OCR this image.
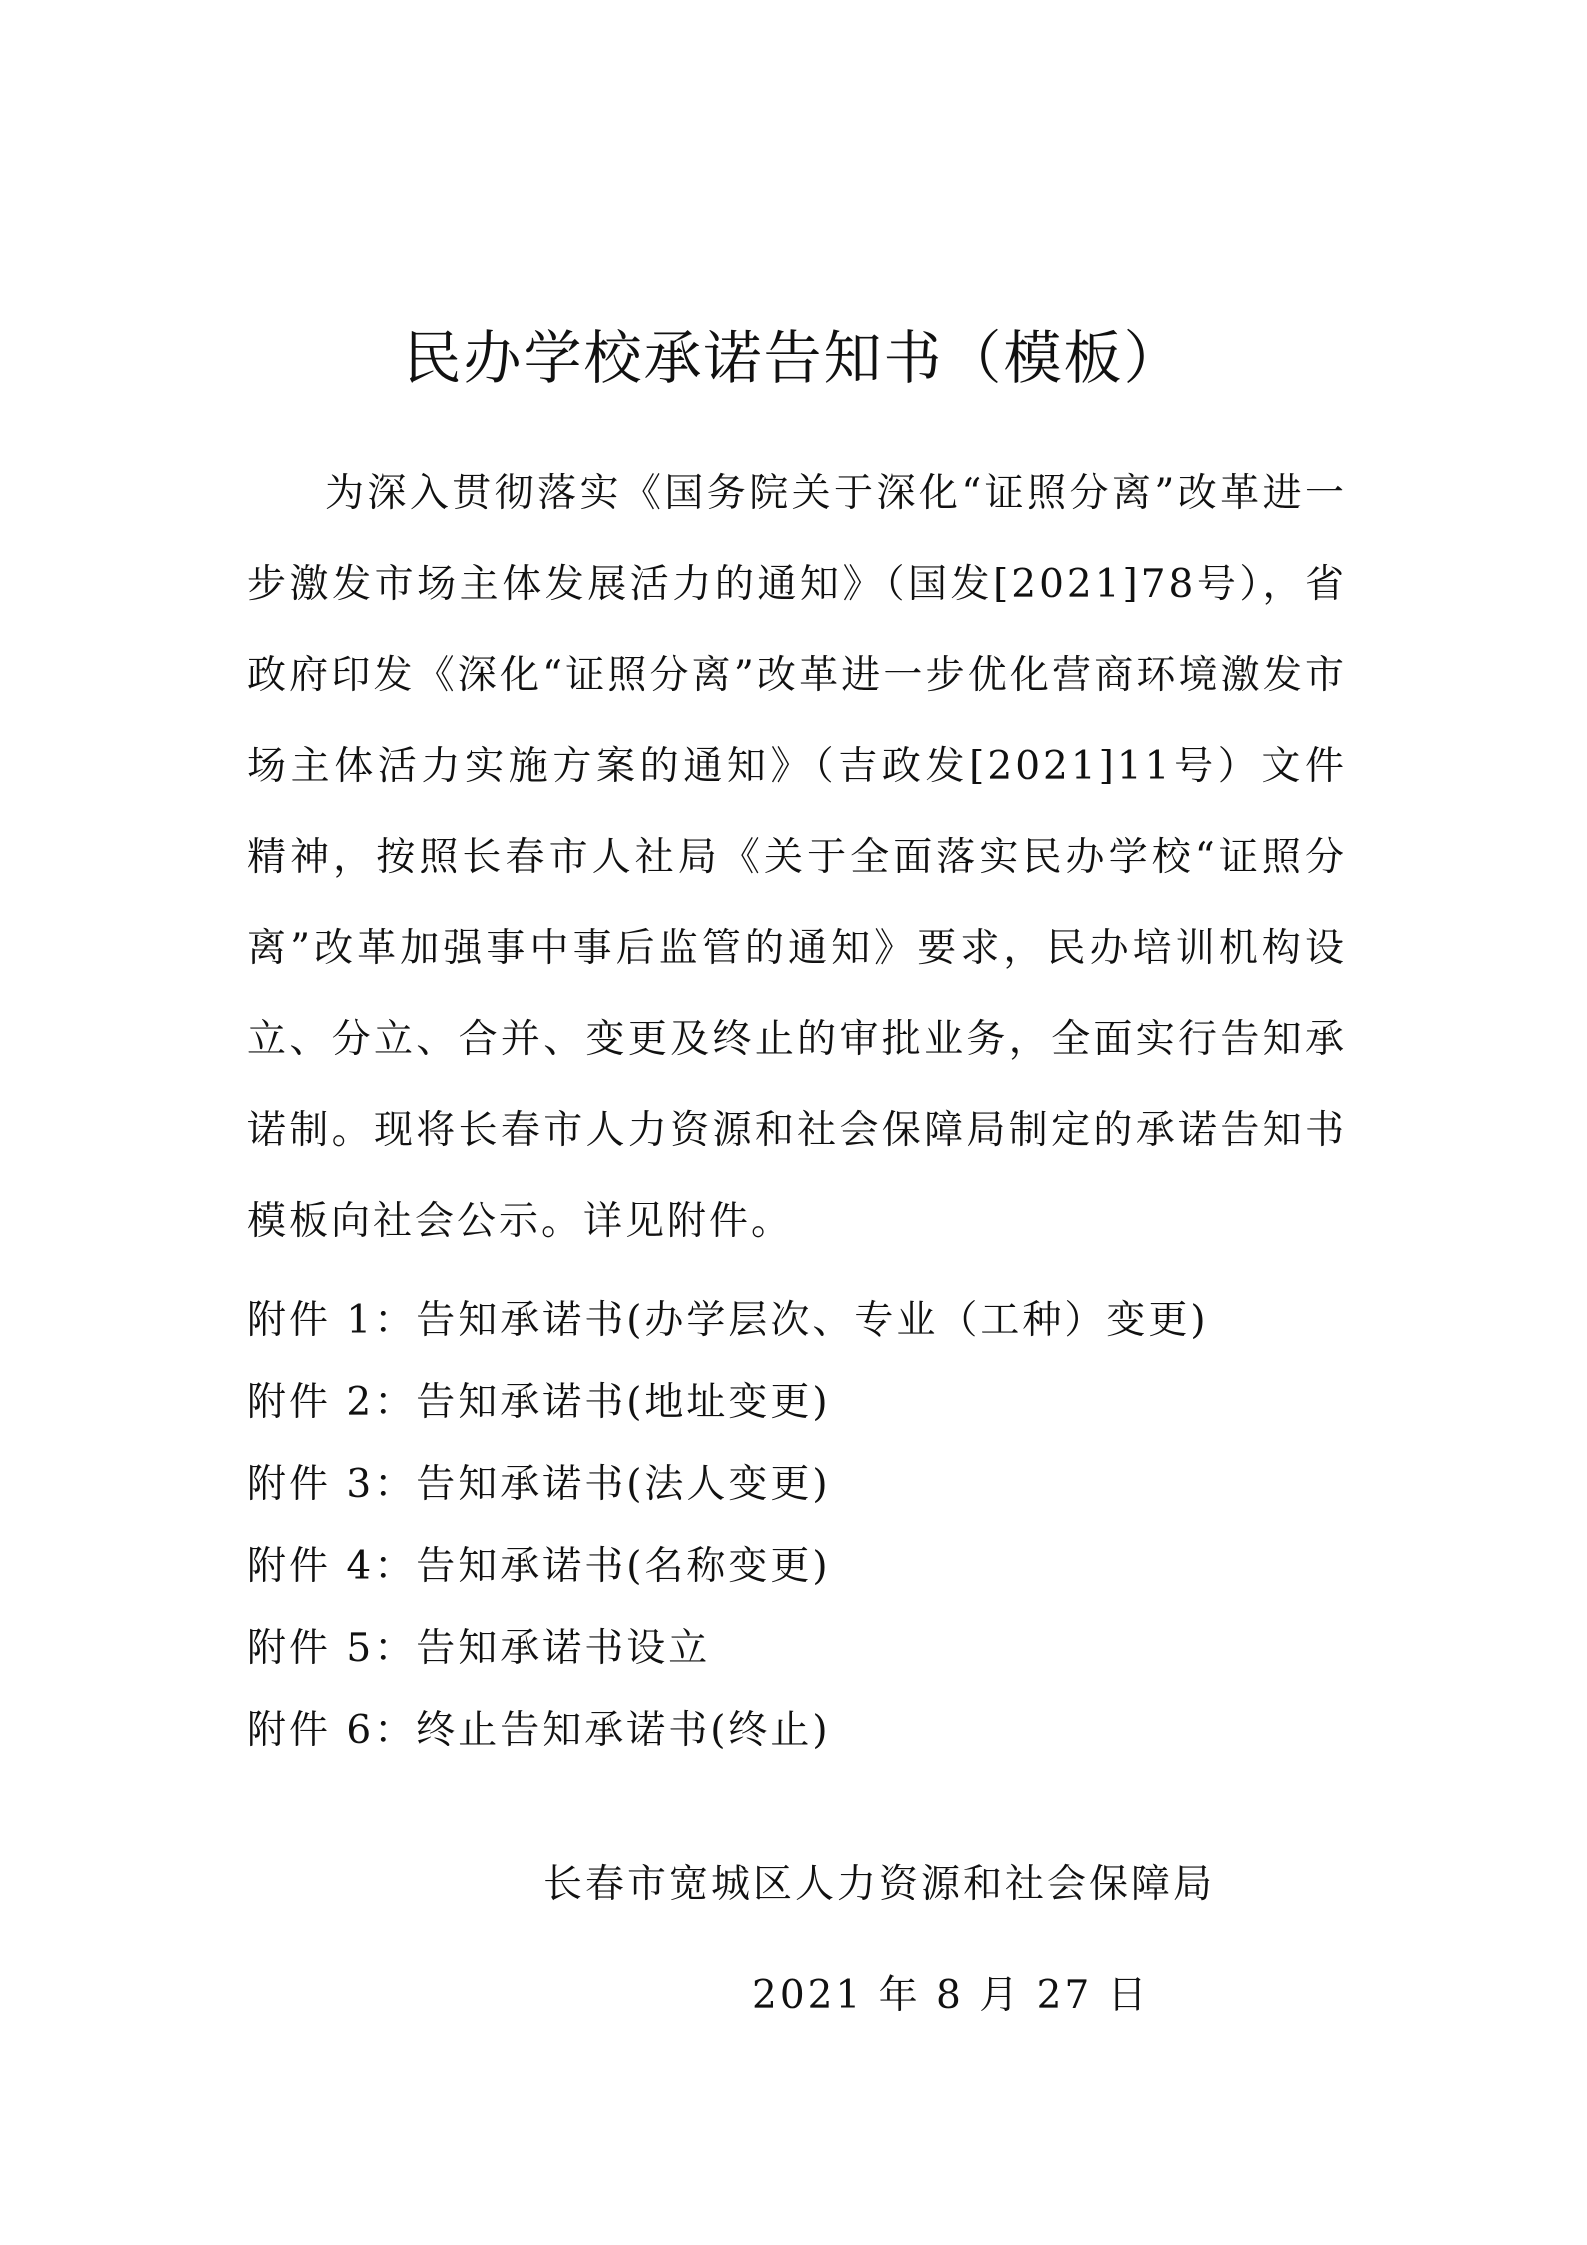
民办学校承诺告知书（模板）

为深入贯彻落实《国务院关于深化“证照分离”改革进一步激发市场主体发展活力的通知》（国发[2021]78号），省政府印发《深化“证照分离”改革进一步优化营商环境激发市场主体活力实施方案的通知》（吉政发[2021]11号）文件精神，按照长春市人社局《关于全面落实民办学校“证照分离”改革加强事中事后监管的通知》要求，民办培训机构设立、分立、合并、变更及终止的审批业务，全面实行告知承诺制。现将长春市人力资源和社会保障局制定的承诺告知书模板向社会公示。详见附件。

附件 1：告知承诺书(办学层次、专业（工种）变更)
附件 2：告知承诺书(地址变更)
附件 3：告知承诺书(法人变更)
附件 4：告知承诺书(名称变更)
附件 5：告知承诺书设立
附件 6：终止告知承诺书(终止)

长春市宽城区人力资源和社会保障局

2021 年 8 月 27 日
